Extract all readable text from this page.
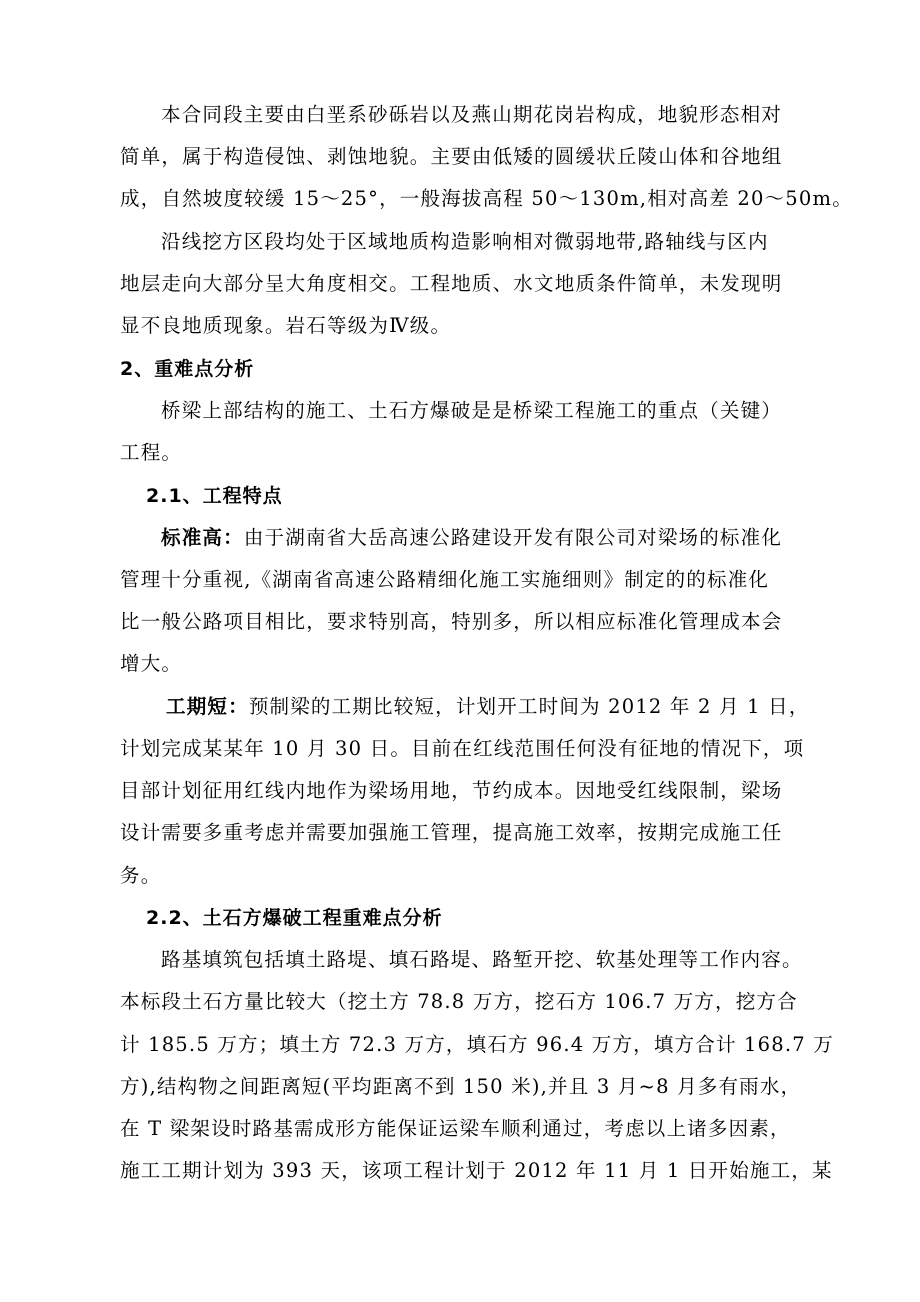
本合同段主要由白垩系砂砾岩以及燕山期花岗岩构成，地貌形态相对
简单，属于构造侵蚀、剥蚀地貌。主要由低矮的圆缓状丘陵山体和谷地组
成，自然坡度较缓 15～25°，一般海拔高程 50～130m,相对高差 20～50m。
沿线挖方区段均处于区域地质构造影响相对微弱地带,路轴线与区内
地层走向大部分呈大角度相交。工程地质、水文地质条件简单，未发现明
显不良地质现象。岩石等级为Ⅳ级。
2、重难点分析
桥梁上部结构的施工、土石方爆破是是桥梁工程施工的重点（关键）
工程。
2.1、工程特点
标准高：由于湖南省大岳高速公路建设开发有限公司对梁场的标准化
管理十分重视,《湖南省高速公路精细化施工实施细则》制定的的标准化
比一般公路项目相比，要求特别高，特别多，所以相应标准化管理成本会
增大。
工期短：预制梁的工期比较短，计划开工时间为 2012 年 2 月 1 日，
计划完成某某年 10 月 30 日。目前在红线范围任何没有征地的情况下，项
目部计划征用红线内地作为梁场用地，节约成本。因地受红线限制，梁场
设计需要多重考虑并需要加强施工管理，提高施工效率，按期完成施工任
务。
2.2、土石方爆破工程重难点分析
路基填筑包括填土路堤、填石路堤、路堑开挖、软基处理等工作内容。
本标段土石方量比较大（挖土方 78.8 万方，挖石方 106.7 万方，挖方合
计 185.5 万方；填土方 72.3 万方，填石方 96.4 万方，填方合计 168.7 万
方),结构物之间距离短(平均距离不到 150 米),并且 3 月~8 月多有雨水，
在 T 梁架设时路基需成形方能保证运梁车顺利通过，考虑以上诸多因素，
施工工期计划为 393 天，该项工程计划于 2012 年 11 月 1 日开始施工，某
